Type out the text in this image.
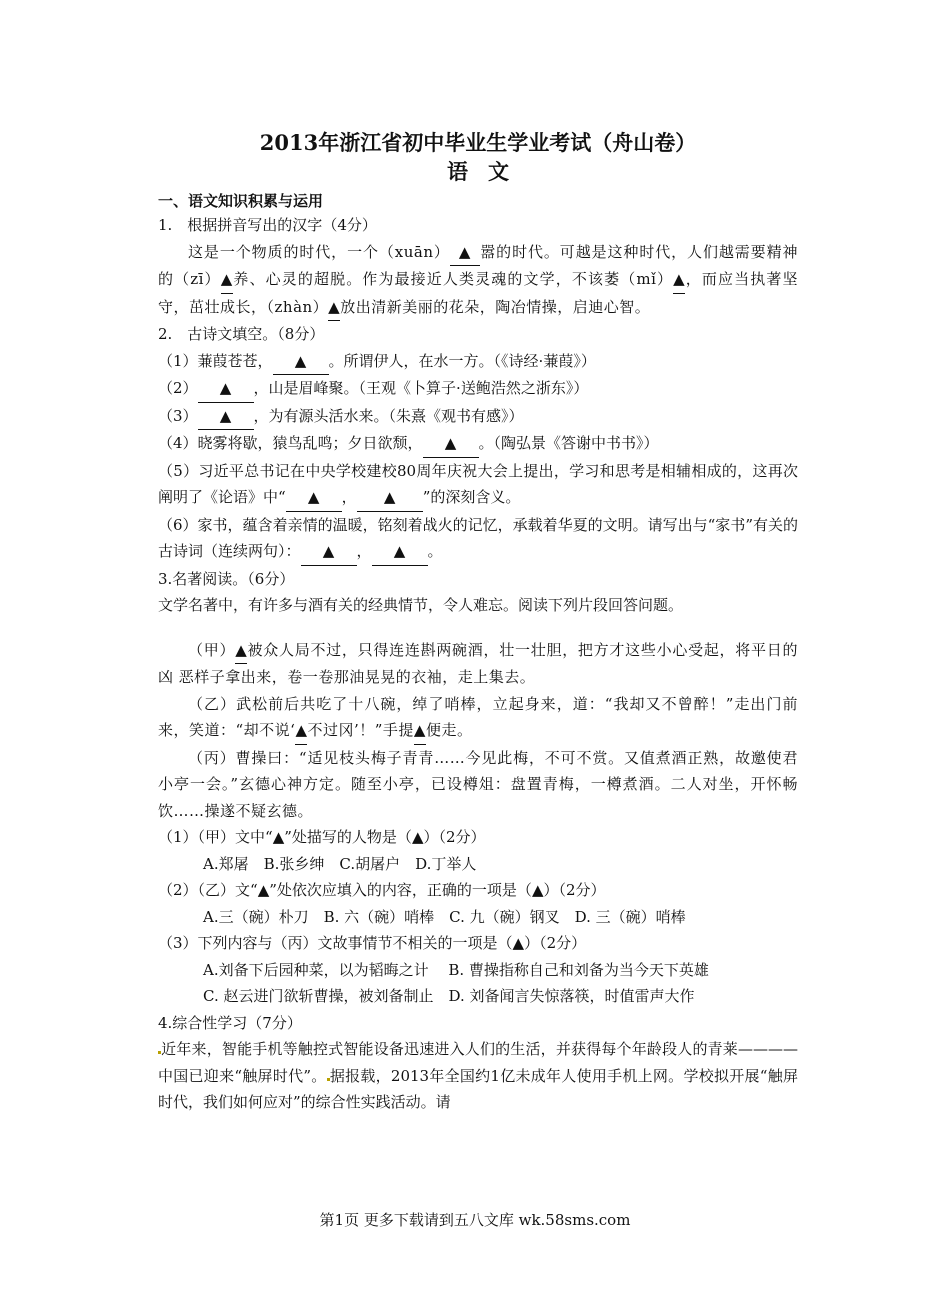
2013年浙江省初中毕业生学业考试（舟山卷）

语文

一、语文知识积累与运用

1.　根据拼音写出的汉字（4分）

这是一个物质的时代，一个（xuān） ▲ 嚣的时代。可越是这种时代，人们越需要精神的（zī）▲养、心灵的超脱。作为最接近人类灵魂的文学，不该萎（mǐ）▲，而应当执著坚守，茁壮成长，（zhàn）▲放出清新美丽的花朵，陶冶情操，启迪心智。

2.　古诗文填空。（8分）

（1）蒹葭苍苍， ▲ 。所谓伊人，在水一方。（《诗经·蒹葭》）

（2） ▲ ，山是眉峰聚。（王观《卜算子·送鲍浩然之浙东》）

（3） ▲ ，为有源头活水来。（朱熹《观书有感》）

（4）晓雾将歇，猿鸟乱鸣；夕日欲颓， ▲ 。（陶弘景《答谢中书书》）

（5）习近平总书记在中央学校建校80周年庆祝大会上提出，学习和思考是相辅相成的，这再次阐明了《论语》中“ ▲ ， ▲ ”的深刻含义。

（6）家书，蕴含着亲情的温暖，铭刻着战火的记忆，承载着华夏的文明。请写出与“家书”有关的古诗词（连续两句）： ▲ ， ▲ 。

3.名著阅读。（6分）

文学名著中，有许多与酒有关的经典情节，令人难忘。阅读下列片段回答问题。

（甲）▲被众人局不过，只得连连斟两碗酒，壮一壮胆，把方才这些小心受起，将平日的凶 恶样子拿出来，卷一卷那油晃晃的衣袖，走上集去。

（乙）武松前后共吃了十八碗，绰了哨棒，立起身来，道：“我却又不曾醉！”走出门前来，笑道：“却不说‘▲不过冈’！”手提▲便走。

（丙）曹操曰：“适见枝头梅子青青……今见此梅，不可不赏。又值煮酒正熟，故邀使君小亭一会。”玄德心神方定。随至小亭，已设樽俎：盘置青梅，一樽煮酒。二人对坐，开怀畅饮……操遂不疑玄德。

（1）（甲）文中“▲”处描写的人物是（▲）（2分）

A.郑屠　B.张乡绅　C.胡屠户　D.丁举人

（2）（乙）文“▲”处依次应填入的内容，正确的一项是（▲）（2分）

A.三（碗）朴刀　B. 六（碗）哨棒　C. 九（碗）钢叉　D. 三（碗）哨棒

（3）下列内容与（丙）文故事情节不相关的一项是（▲）（2分）

A.刘备下后园种菜，以为韬晦之计　 B. 曹操指称自己和刘备为当今天下英雄

C. 赵云进门欲斩曹操，被刘备制止　D. 刘备闻言失惊落筷，时值雷声大作

4.综合性学习（7分）

近年来，智能手机等触控式智能设备迅速进入人们的生活，并获得每个年龄段人的青莱————中国已迎来“触屏时代”。 据报载，2013年全国约1亿未成年人使用手机上网。学校拟开展“触屏时代，我们如何应对”的综合性实践活动。请

第1页 更多下载请到五八文库 wk.58sms.com
